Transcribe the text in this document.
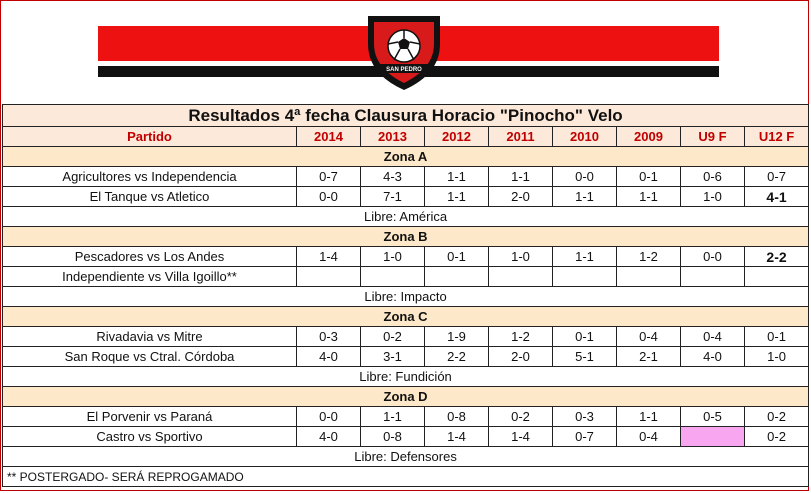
SAN PEDRO
LIGA DEPORTIVA INFANTIL
Resultados 4ª fecha Clausura Horacio "Pinocho" Velo								
Partido	2014	2013	2012	2011	2010	2009	U9 F	U12 F
Zona A								
Agricultores vs Independencia	0-7	4-3	1-1	1-1	0-0	0-1	0-6	0-7
El Tanque vs Atletico	0-0	7-1	1-1	2-0	1-1	1-1	1-0	4-1
Libre: América								
Zona B								
Pescadores vs Los Andes	1-4	1-0	0-1	1-0	1-1	1-2	0-0	2-2
Independiente vs Villa Igoillo**								
Libre: Impacto								
Zona C								
Rivadavia vs Mitre	0-3	0-2	1-9	1-2	0-1	0-4	0-4	0-1
San Roque vs Ctral. Córdoba	4-0	3-1	2-2	2-0	5-1	2-1	4-0	1-0
Libre: Fundición								
Zona D								
El Porvenir vs Paraná	0-0	1-1	0-8	0-2	0-3	1-1	0-5	0-2
Castro vs Sportivo	4-0	0-8	1-4	1-4	0-7	0-4		0-2
Libre: Defensores								
** POSTERGADO- SERÁ REPROGAMADO								
